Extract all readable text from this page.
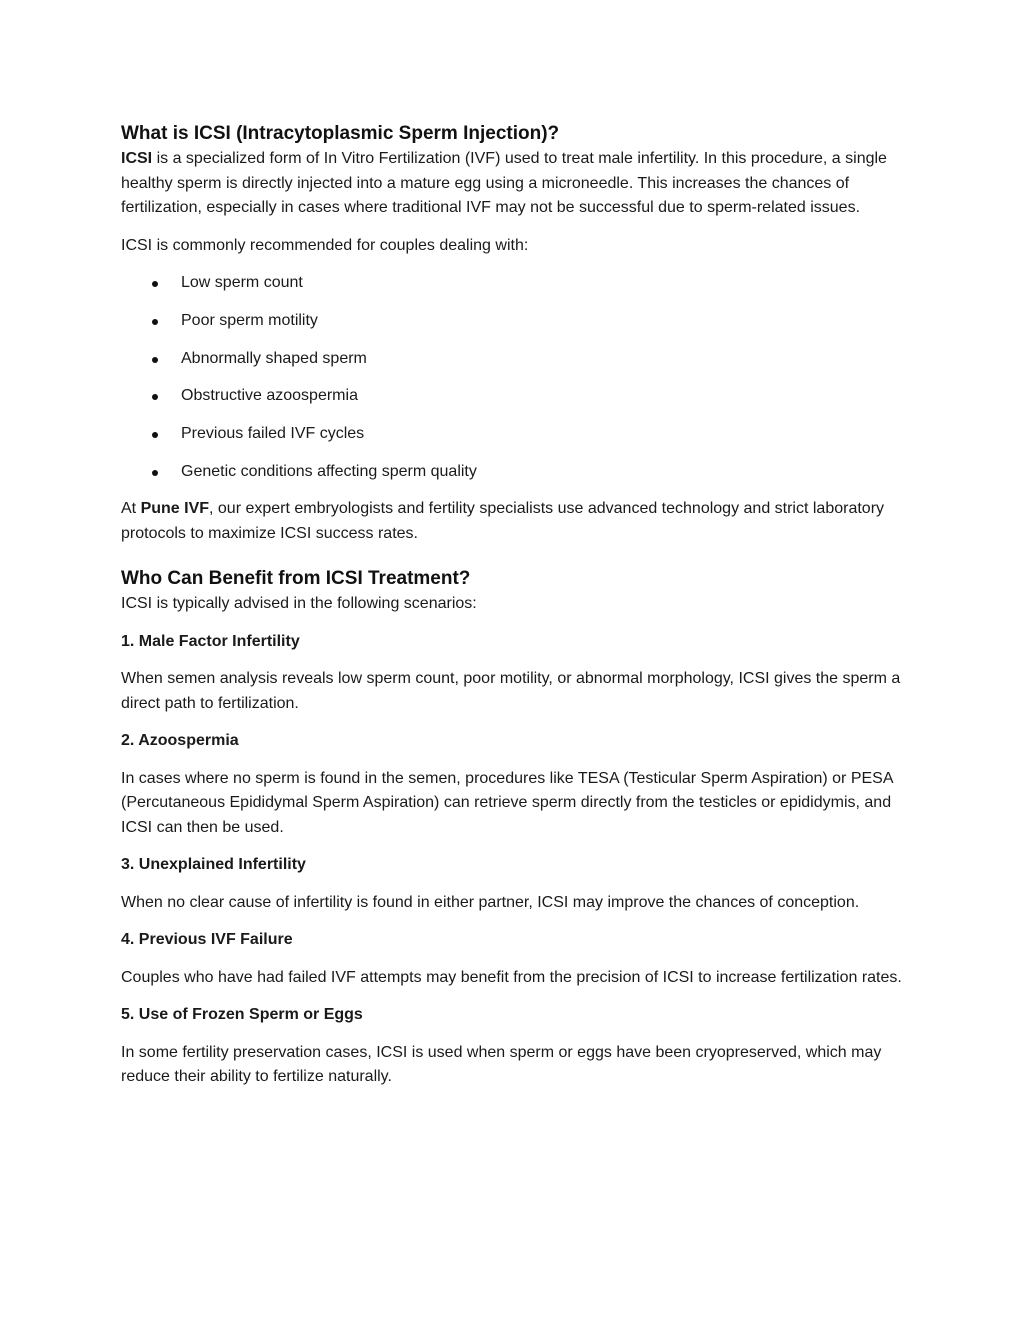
What is ICSI (Intracytoplasmic Sperm Injection)?

ICSI is a specialized form of In Vitro Fertilization (IVF) used to treat male infertility. In this procedure, a single healthy sperm is directly injected into a mature egg using a microneedle. This increases the chances of fertilization, especially in cases where traditional IVF may not be successful due to sperm-related issues.

ICSI is commonly recommended for couples dealing with:

Low sperm count
Poor sperm motility
Abnormally shaped sperm
Obstructive azoospermia
Previous failed IVF cycles
Genetic conditions affecting sperm quality

At Pune IVF, our expert embryologists and fertility specialists use advanced technology and strict laboratory protocols to maximize ICSI success rates.

Who Can Benefit from ICSI Treatment?

ICSI is typically advised in the following scenarios:

1. Male Factor Infertility

When semen analysis reveals low sperm count, poor motility, or abnormal morphology, ICSI gives the sperm a direct path to fertilization.

2. Azoospermia

In cases where no sperm is found in the semen, procedures like TESA (Testicular Sperm Aspiration) or PESA (Percutaneous Epididymal Sperm Aspiration) can retrieve sperm directly from the testicles or epididymis, and ICSI can then be used.

3. Unexplained Infertility

When no clear cause of infertility is found in either partner, ICSI may improve the chances of conception.

4. Previous IVF Failure

Couples who have had failed IVF attempts may benefit from the precision of ICSI to increase fertilization rates.

5. Use of Frozen Sperm or Eggs

In some fertility preservation cases, ICSI is used when sperm or eggs have been cryopreserved, which may reduce their ability to fertilize naturally.
